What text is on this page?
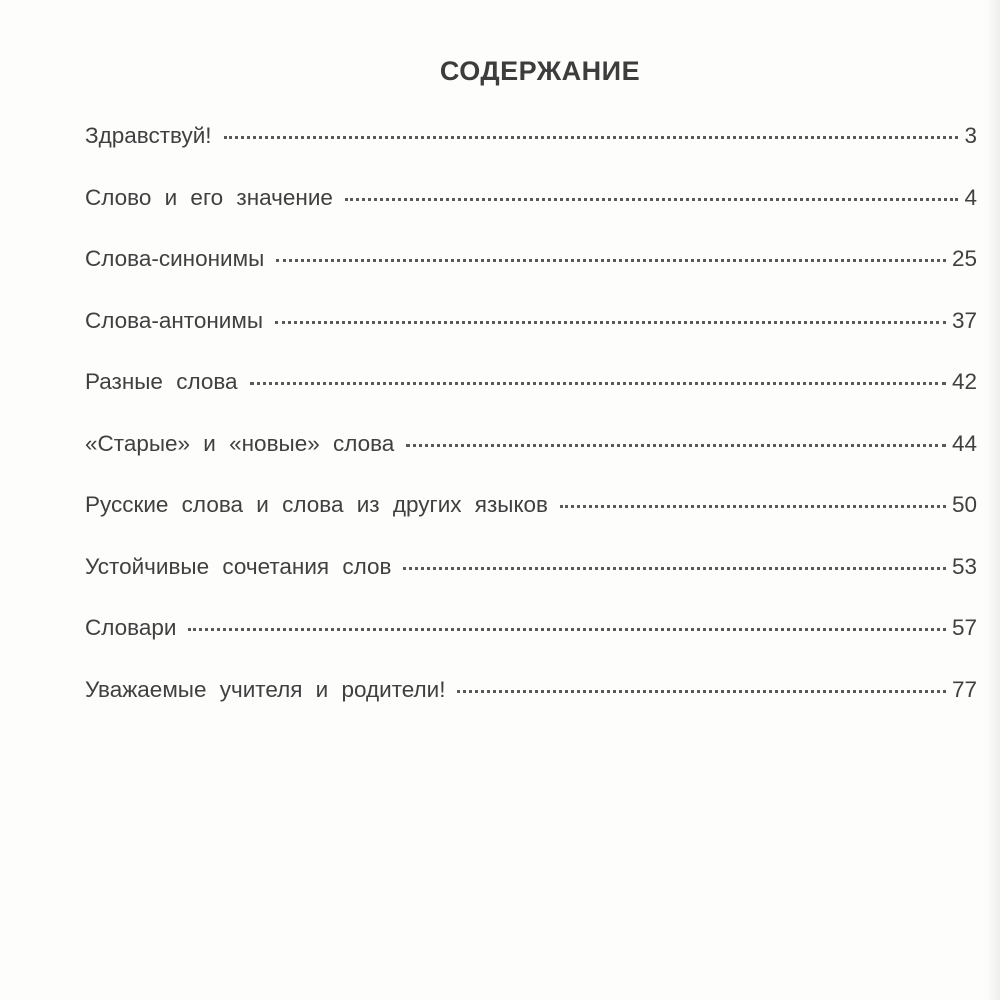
СОДЕРЖАНИЕ
Здравствуй!	3
Слово и его значение	4
Слова-синонимы	25
Слова-антонимы	37
Разные слова	42
«Старые» и «новые» слова	44
Русские слова и слова из других языков	50
Устойчивые сочетания слов	53
Словари	57
Уважаемые учителя и родители!	77
